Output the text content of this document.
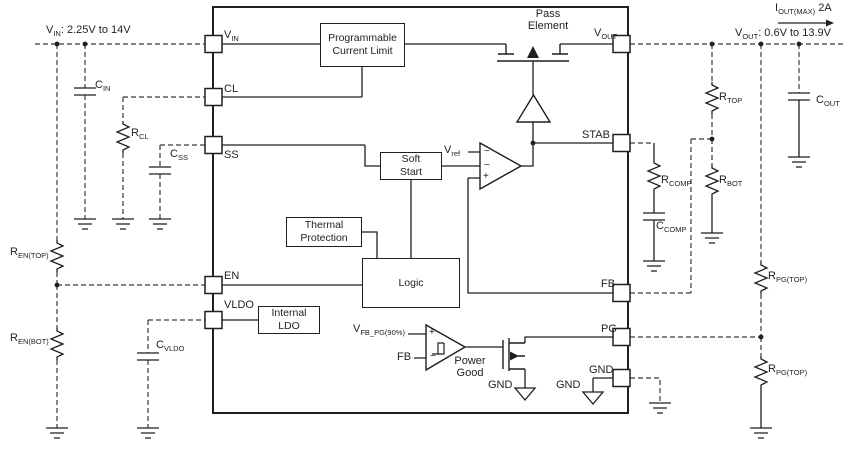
Programmable
Current Limit
Soft
Start
Thermal
Protection
Logic
Internal
LDO
Pass
Element
Power
Good
$V_{IN}$
CL
SS
EN
VLDO
$V_{OUT}$
STAB
FB
PG
GND
$V_{ref}$
$V_{FB\_PG(90\%)}$
FB
GND	GND
−
−
+
+
−
$V_{IN}$: 2.25V to 14V
$I_{OUT(MAX)}$ 2A
$V_{OUT}$: 0.6V to 13.9V
$C_{IN}$
$R_{CL}$
$C_{SS}$
$R_{EN(TOP)}$
$R_{EN(BOT)}$	$C_{VLDO}$
$R_{TOP}$	$C_{OUT}$
$R_{COMP}$
$C_{COMP}$
$R_{BOT}$
$R_{PG(TOP)}$
$R_{PG(TOP)}$
